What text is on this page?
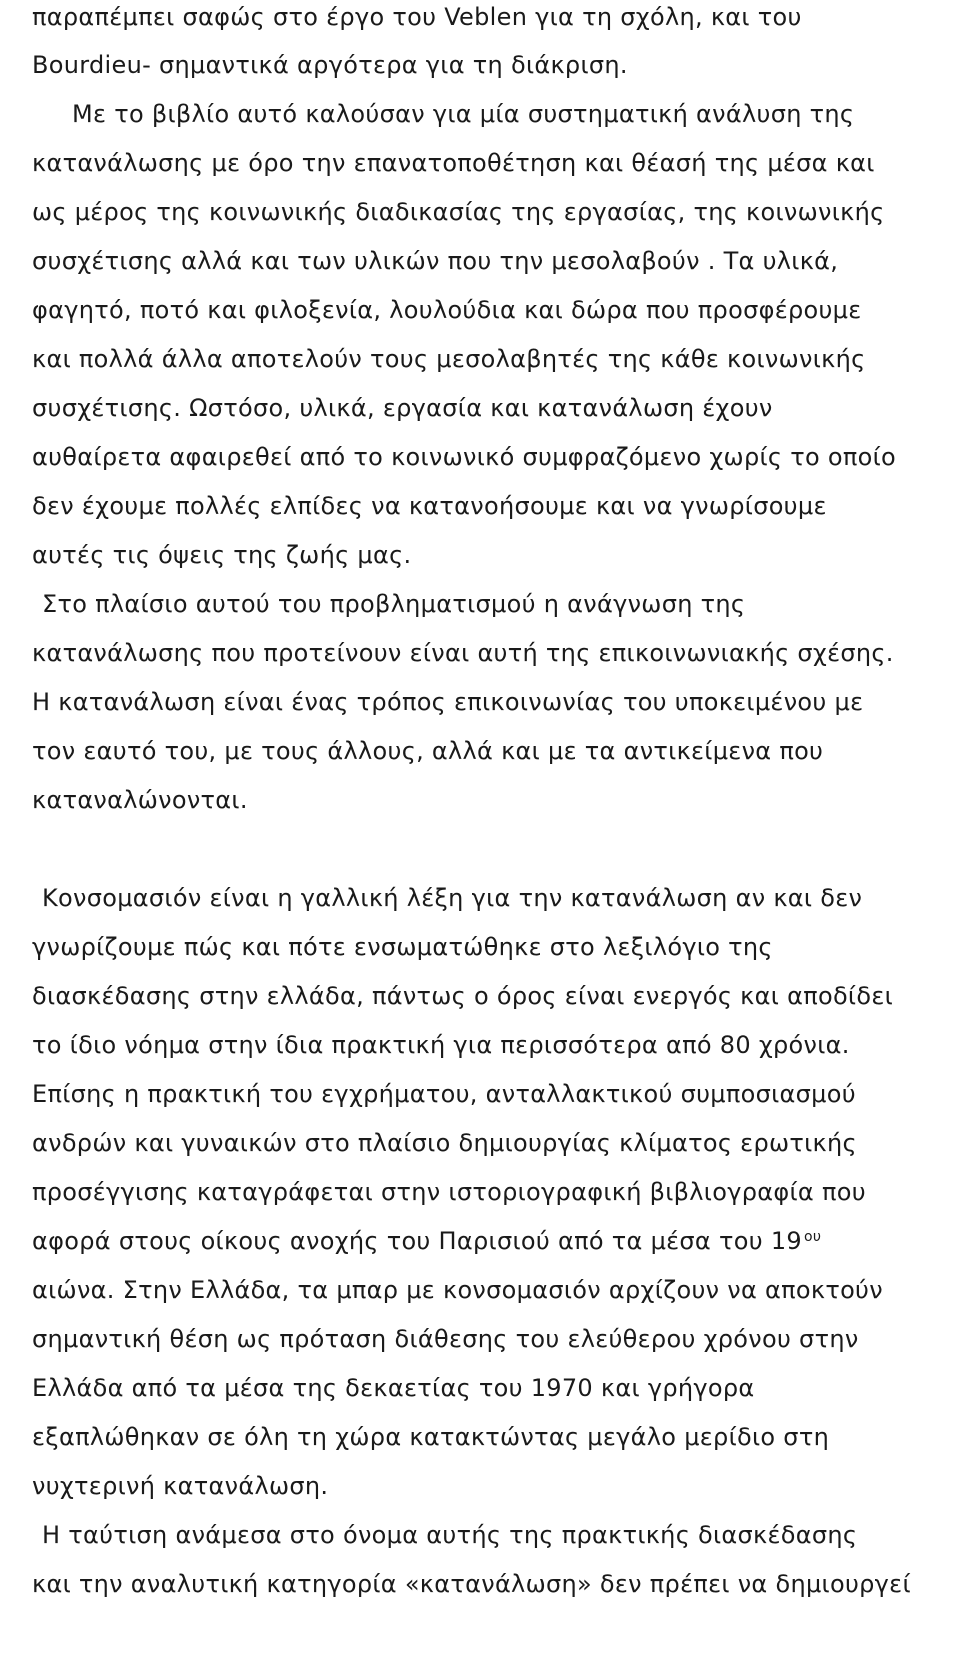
παραπέμπει σαφώς στο έργο του Veblen για τη σχόλη, και του
Bourdieu- σημαντικά αργότερα για τη διάκριση.
Με το βιβλίο αυτό καλούσαν για μία συστηματική ανάλυση της
κατανάλωσης με όρο την επανατοποθέτηση και θέασή της μέσα και
ως μέρος της κοινωνικής διαδικασίας της εργασίας, της κοινωνικής
συσχέτισης αλλά και των υλικών που την μεσολαβούν . Τα υλικά,
φαγητό, ποτό και φιλοξενία, λουλούδια και δώρα που προσφέρουμε
και πολλά άλλα αποτελούν τους μεσολαβητές της κάθε κοινωνικής
συσχέτισης. Ωστόσο, υλικά, εργασία και κατανάλωση έχουν
αυθαίρετα αφαιρεθεί από το κοινωνικό συμφραζόμενο χωρίς το οποίο
δεν έχουμε πολλές ελπίδες να κατανοήσουμε και να γνωρίσουμε
αυτές τις όψεις της ζωής μας.
Στο πλαίσιο αυτού του προβληματισμού η ανάγνωση της
κατανάλωσης που προτείνουν είναι αυτή της επικοινωνιακής σχέσης.
Η κατανάλωση είναι ένας τρόπος επικοινωνίας του υποκειμένου με
τον εαυτό του, με τους άλλους, αλλά και με τα αντικείμενα που
καταναλώνονται.
Κονσομασιόν είναι η γαλλική λέξη για την κατανάλωση αν και δεν
γνωρίζουμε πώς και πότε ενσωματώθηκε στο λεξιλόγιο της
διασκέδασης στην ελλάδα, πάντως ο όρος είναι ενεργός και αποδίδει
το ίδιο νόημα στην ίδια πρακτική για περισσότερα από 80 χρόνια.
Επίσης η πρακτική του εγχρήματου, ανταλλακτικού συμποσιασμού
ανδρών και γυναικών στο πλαίσιο δημιουργίας κλίματος ερωτικής
προσέγγισης καταγράφεται στην ιστοριογραφική βιβλιογραφία που
αφορά στους οίκους ανοχής του Παρισιού από τα μέσα του 19 $^{o\upsilon}$
αιώνα. Στην Ελλάδα, τα μπαρ με κονσομασιόν αρχίζουν να αποκτούν
σημαντική θέση ως πρόταση διάθεσης του ελεύθερου χρόνου στην
Ελλάδα από τα μέσα της δεκαετίας του 1970 και γρήγορα
εξαπλώθηκαν σε όλη τη χώρα κατακτώντας μεγάλο μερίδιο στη
νυχτερινή κατανάλωση.
Η ταύτιση ανάμεσα στο όνομα αυτής της πρακτικής διασκέδασης
και την αναλυτική κατηγορία «κατανάλωση» δεν πρέπει να δημιουργεί
